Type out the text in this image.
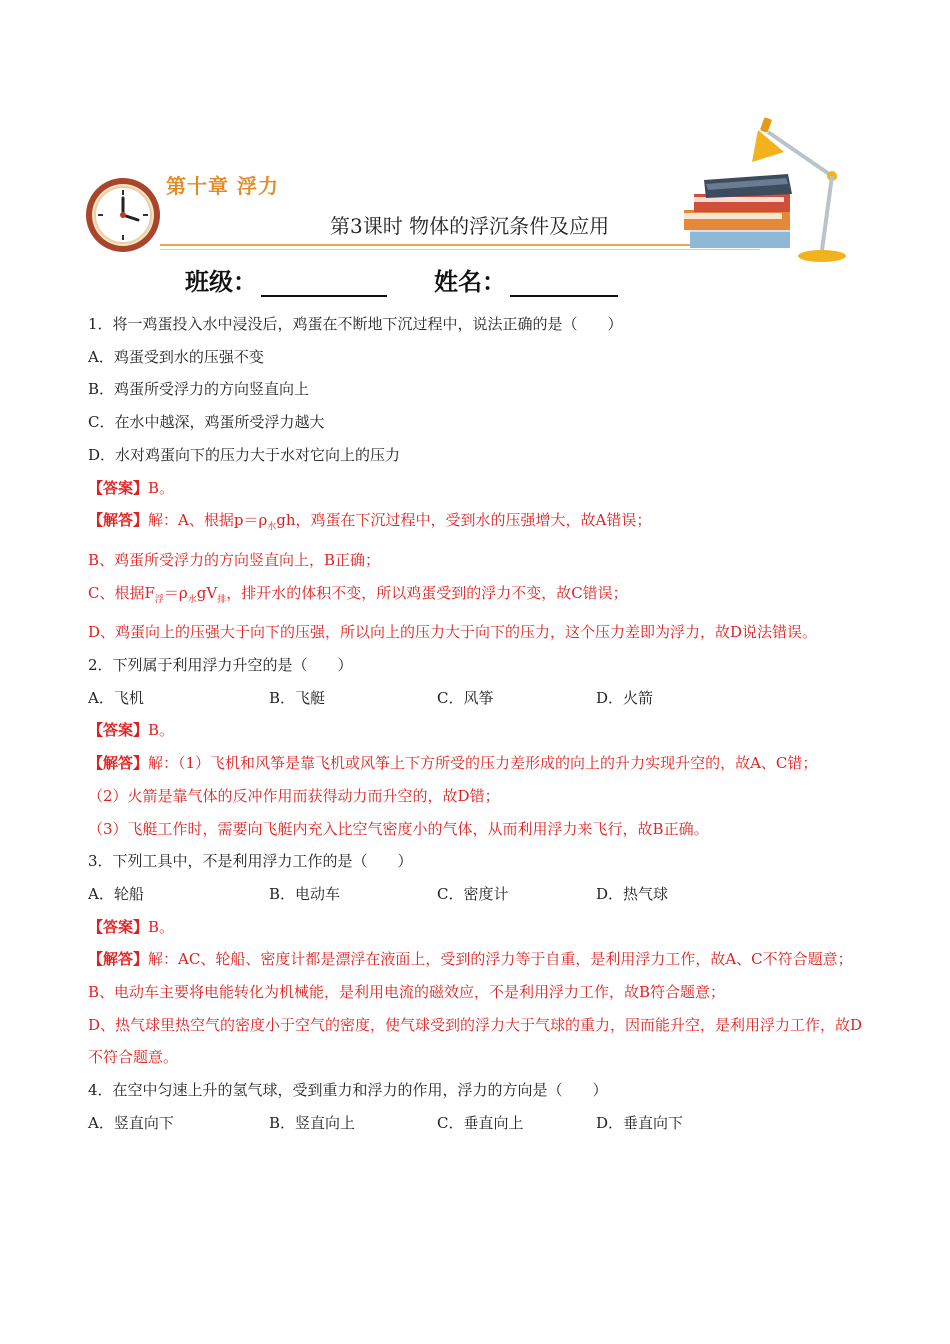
第十章 浮力
第3课时 物体的浮沉条件及应用
班级：	姓名：
1．将一鸡蛋投入水中浸没后，鸡蛋在不断地下沉过程中，说法正确的是（　　）
A．鸡蛋受到水的压强不变
B．鸡蛋所受浮力的方向竖直向上
C．在水中越深，鸡蛋所受浮力越大
D．水对鸡蛋向下的压力大于水对它向上的压力
【答案】B。
【解答】解：A、根据$p=\rho_水gh$，鸡蛋在下沉过程中，受到水的压强增大，故A错误；
B、鸡蛋所受浮力的方向竖直向上，B正确；
C、根据$F_浮=\rho_水gV_排$，排开水的体积不变，所以鸡蛋受到的浮力不变，故C错误；
D、鸡蛋向上的压强大于向下的压强，所以向上的压力大于向下的压力，这个压力差即为浮力，故D说法错误。
2．下列属于利用浮力升空的是（　　）
A．飞机	B．飞艇	C．风筝	D．火箭
【答案】B。
【解答】解：（1）飞机和风筝是靠飞机或风筝上下方所受的压力差形成的向上的升力实现升空的，故A、C错；
（2）火箭是靠气体的反冲作用而获得动力而升空的，故D错；
（3）飞艇工作时，需要向飞艇内充入比空气密度小的气体，从而利用浮力来飞行，故B正确。
3．下列工具中，不是利用浮力工作的是（　　）
A．轮船	B．电动车	C．密度计	D．热气球
【答案】B。
【解答】解：AC、轮船、密度计都是漂浮在液面上，受到的浮力等于自重，是利用浮力工作，故A、C不符合题意；
B、电动车主要将电能转化为机械能，是利用电流的磁效应，不是利用浮力工作，故B符合题意；
D、热气球里热空气的密度小于空气的密度，使气球受到的浮力大于气球的重力，因而能升空，是利用浮力工作，故D不符合题意。
4．在空中匀速上升的氢气球，受到重力和浮力的作用，浮力的方向是（　　）
A．竖直向下	B．竖直向上	C．垂直向上	D．垂直向下
